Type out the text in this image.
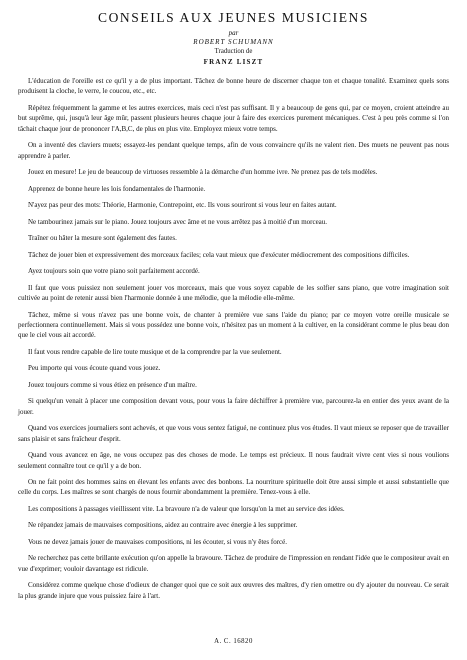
CONSEILS AUX JEUNES MUSICIENS
par
ROBERT SCHUMANN
Traduction de
FRANZ LISZT

L'éducation de l'oreille est ce qu'il y a de plus important. Tâchez de bonne heure de discerner chaque ton et chaque tonalité. Examinez quels sons produisent la cloche, le verre, le coucou, etc., etc.

Répétez fréquemment la gamme et les autres exercices, mais ceci n'est pas suffisant. Il y a beaucoup de gens qui, par ce moyen, croient atteindre au but suprême, qui, jusqu'à leur âge mûr, passent plusieurs heures chaque jour à faire des exercices purement mécaniques. C'est à peu près comme si l'on tâchait chaque jour de prononcer l'A,B,C, de plus en plus vite. Employez mieux votre temps.

On a inventé des claviers muets; essayez-les pendant quelque temps, afin de vous convaincre qu'ils ne valent rien. Des muets ne peuvent pas nous apprendre à parler.

Jouez en mesure! Le jeu de beaucoup de virtuoses ressemble à la démarche d'un homme ivre. Ne prenez pas de tels modèles.

Apprenez de bonne heure les lois fondamentales de l'harmonie.

N'ayez pas peur des mots: Théorie, Harmonie, Contrepoint, etc. Ils vous souriront si vous leur en faites autant.

Ne tambourinez jamais sur le piano. Jouez toujours avec âme et ne vous arrêtez pas à moitié d'un morceau.

Traîner ou hâter la mesure sont également des fautes.

Tâchez de jouer bien et expressivement des morceaux faciles; cela vaut mieux que d'exécuter médiocrement des compositions difficiles.

Ayez toujours soin que votre piano soit parfaitement accordé.

Il faut que vous puissiez non seulement jouer vos morceaux, mais que vous soyez capable de les solfier sans piano, que votre imagination soit cultivée au point de retenir aussi bien l'harmonie donnée à une mélodie, que la mélodie elle-même.

Tâchez, même si vous n'avez pas une bonne voix, de chanter à première vue sans l'aide du piano; par ce moyen votre oreille musicale se perfectionnera continuellement. Mais si vous possédez une bonne voix, n'hésitez pas un moment à la cultiver, en la considérant comme le plus beau don que le ciel vous ait accordé.

Il faut vous rendre capable de lire toute musique et de la comprendre par la vue seulement.

Peu importe qui vous écoute quand vous jouez.

Jouez toujours comme si vous étiez en présence d'un maître.

Si quelqu'un venait à placer une composition devant vous, pour vous la faire déchiffrer à première vue, parcourez-la en entier des yeux avant de la jouer.

Quand vos exercices journaliers sont achevés, et que vous vous sentez fatigué, ne continuez plus vos études. Il vaut mieux se reposer que de travailler sans plaisir et sans fraîcheur d'esprit.

Quand vous avancez en âge, ne vous occupez pas des choses de mode. Le temps est précieux. Il nous faudrait vivre cent vies si nous voulions seulement connaître tout ce qu'il y a de bon.

On ne fait point des hommes sains en élevant les enfants avec des bonbons. La nourriture spirituelle doit être aussi simple et aussi substantielle que celle du corps. Les maîtres se sont chargés de nous fournir abondamment la première. Tenez-vous à elle.

Les compositions à passages vieillissent vite. La bravoure n'a de valeur que lorsqu'on la met au service des idées.

Ne répandez jamais de mauvaises compositions, aidez au contraire avec énergie à les supprimer.

Vous ne devez jamais jouer de mauvaises compositions, ni les écouter, si vous n'y êtes forcé.

Ne recherchez pas cette brillante exécution qu'on appelle la bravoure. Tâchez de produire de l'impression en rendant l'idée que le compositeur avait en vue d'exprimer; vouloir davantage est ridicule.

Considérez comme quelque chose d'odieux de changer quoi que ce soit aux œuvres des maîtres, d'y rien omettre ou d'y ajouter du nouveau. Ce serait la plus grande injure que vous puissiez faire à l'art.

A. C. 16820
